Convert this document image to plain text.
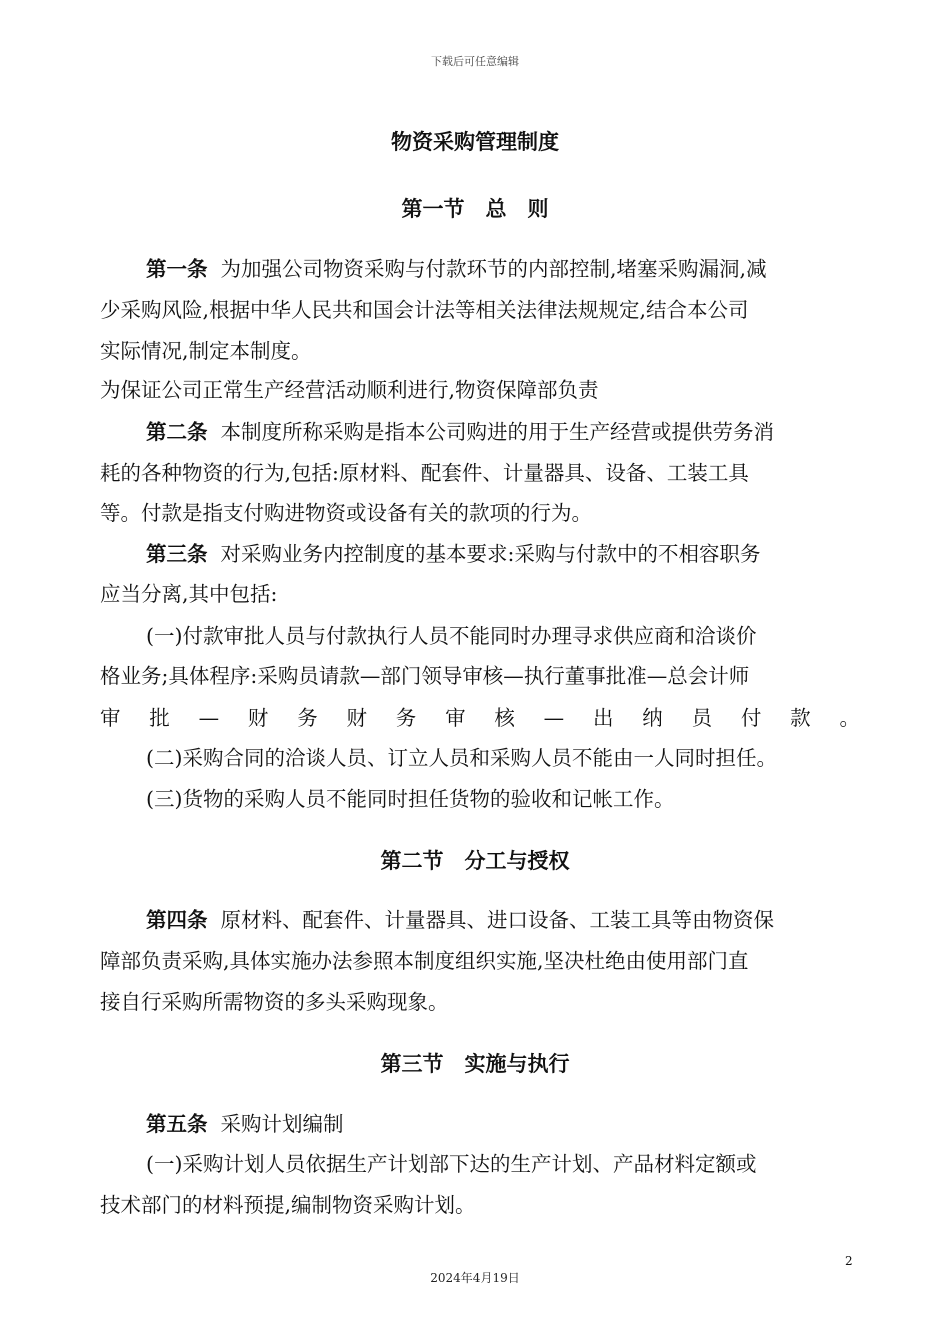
下载后可任意编辑
物资采购管理制度
第一节　总　则
第一条 为加强公司物资采购与付款环节的内部控制,堵塞采购漏洞,减
少采购风险,根据中华人民共和国会计法等相关法律法规规定,结合本公司
实际情况,制定本制度。
为保证公司正常生产经营活动顺利进行,物资保障部负责
第二条 本制度所称采购是指本公司购进的用于生产经营或提供劳务消
耗的各种物资的行为,包括:原材料、配套件、计量器具、设备、工装工具
等。付款是指支付购进物资或设备有关的款项的行为。
第三条 对采购业务内控制度的基本要求:采购与付款中的不相容职务
应当分离,其中包括:
(一)付款审批人员与付款执行人员不能同时办理寻求供应商和洽谈价
格业务;具体程序:采购员请款—部门领导审核—执行董事批准—总会计师
审 批 — 财 务 财 务 审 核 — 出 纳 员 付 款 。
(二)采购合同的洽谈人员、订立人员和采购人员不能由一人同时担任。
(三)货物的采购人员不能同时担任货物的验收和记帐工作。
第二节　分工与授权
第四条 原材料、配套件、计量器具、进口设备、工装工具等由物资保
障部负责采购,具体实施办法参照本制度组织实施,坚决杜绝由使用部门直
接自行采购所需物资的多头采购现象。
第三节　实施与执行
第五条 采购计划编制
(一)采购计划人员依据生产计划部下达的生产计划、产品材料定额或
技术部门的材料预提,编制物资采购计划。
2
2024年4月19日
